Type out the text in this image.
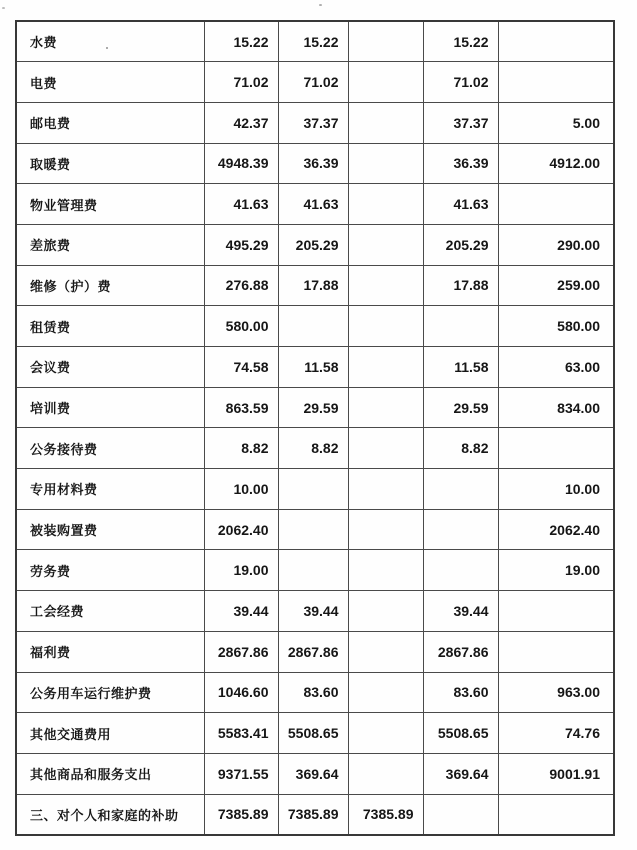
水费	15.22	15.22		15.22	
电费	71.02	71.02		71.02	
邮电费	42.37	37.37		37.37	5.00
取暖费	4948.39	36.39		36.39	4912.00
物业管理费	41.63	41.63		41.63	
差旅费	495.29	205.29		205.29	290.00
维修（护）费	276.88	17.88		17.88	259.00
租赁费	580.00				580.00
会议费	74.58	11.58		11.58	63.00
培训费	863.59	29.59		29.59	834.00
公务接待费	8.82	8.82		8.82	
专用材料费	10.00				10.00
被装购置费	2062.40				2062.40
劳务费	19.00				19.00
工会经费	39.44	39.44		39.44	
福利费	2867.86	2867.86		2867.86	
公务用车运行维护费	1046.60	83.60		83.60	963.00
其他交通费用	5583.41	5508.65		5508.65	74.76
其他商品和服务支出	9371.55	369.64		369.64	9001.91
三、对个人和家庭的补助	7385.89	7385.89	7385.89		
